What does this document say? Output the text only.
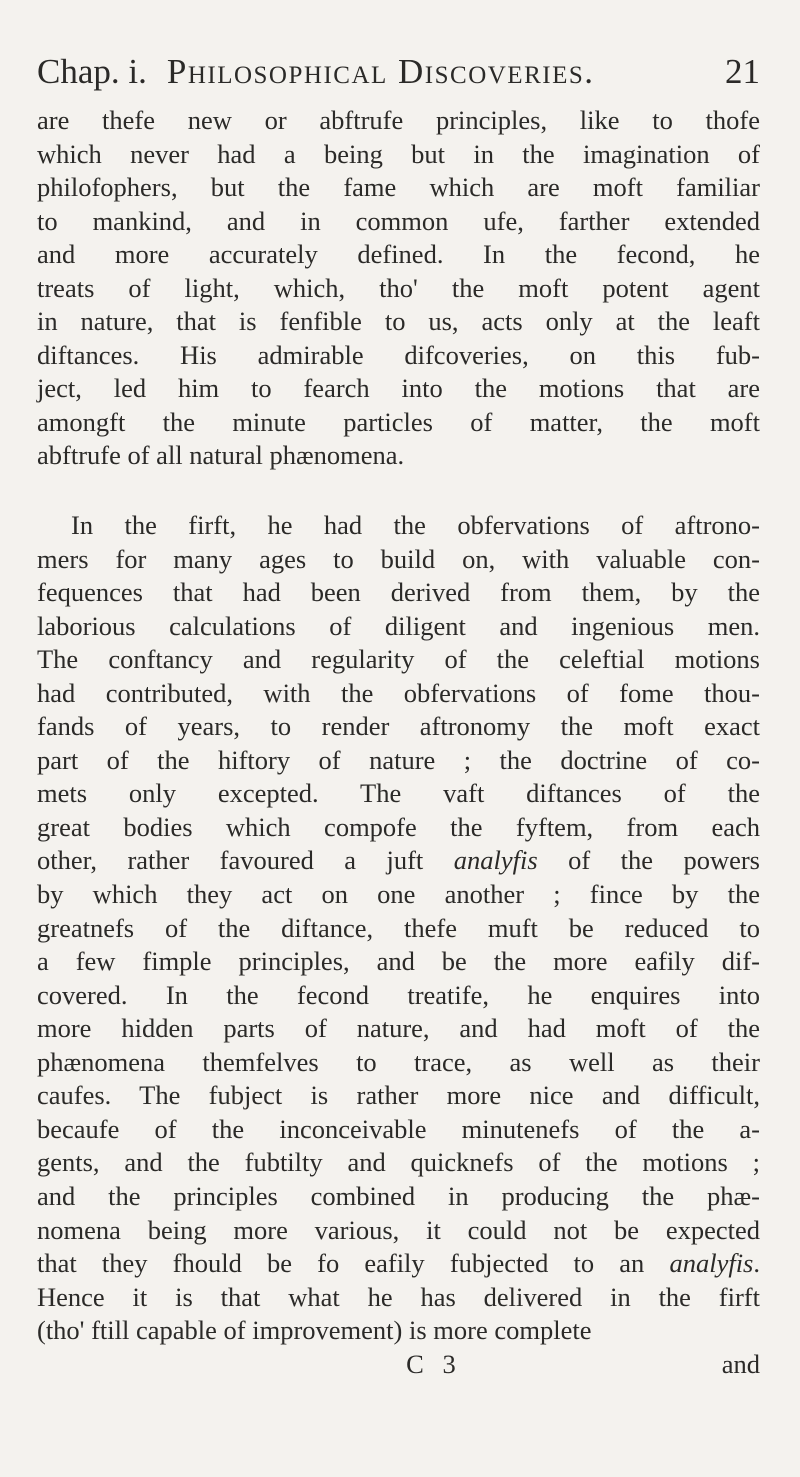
Chap. i. Philosophical Discoveries.	21

are thefe new or abftrufe principles, like to thofe
which never had a being but in the imagination of
philofophers, but the fame which are moft familiar
to mankind, and in common ufe, farther extended
and more accurately defined. In the fecond, he
treats of light, which, tho' the moft potent agent
in nature, that is fenfible to us, acts only at the leaft
diftances. His admirable difcoveries, on this fub-
ject, led him to fearch into the motions that are
amongft the minute particles of matter, the moft
abftrufe of all natural phænomena.

In the firft, he had the obfervations of aftrono-
mers for many ages to build on, with valuable con-
fequences that had been derived from them, by the
laborious calculations of diligent and ingenious men.
The conftancy and regularity of the celeftial motions
had contributed, with the obfervations of fome thou-
fands of years, to render aftronomy the moft exact
part of the hiftory of nature ; the doctrine of co-
mets only excepted. The vaft diftances of the
great bodies which compofe the fyftem, from each
other, rather favoured a juft analyfis of the powers
by which they act on one another ; fince by the
greatnefs of the diftance, thefe muft be reduced to
a few fimple principles, and be the more eafily dif-
covered. In the fecond treatife, he enquires into
more hidden parts of nature, and had moft of the
phænomena themfelves to trace, as well as their
caufes. The fubject is rather more nice and difficult,
becaufe of the inconceivable minutenefs of the a-
gents, and the fubtilty and quicknefs of the motions ;
and the principles combined in producing the phæ-
nomena being more various, it could not be expected
that they fhould be fo eafily fubjected to an analyfis.
Hence it is that what he has delivered in the firft
(tho' ftill capable of improvement) is more complete

C 3	and
